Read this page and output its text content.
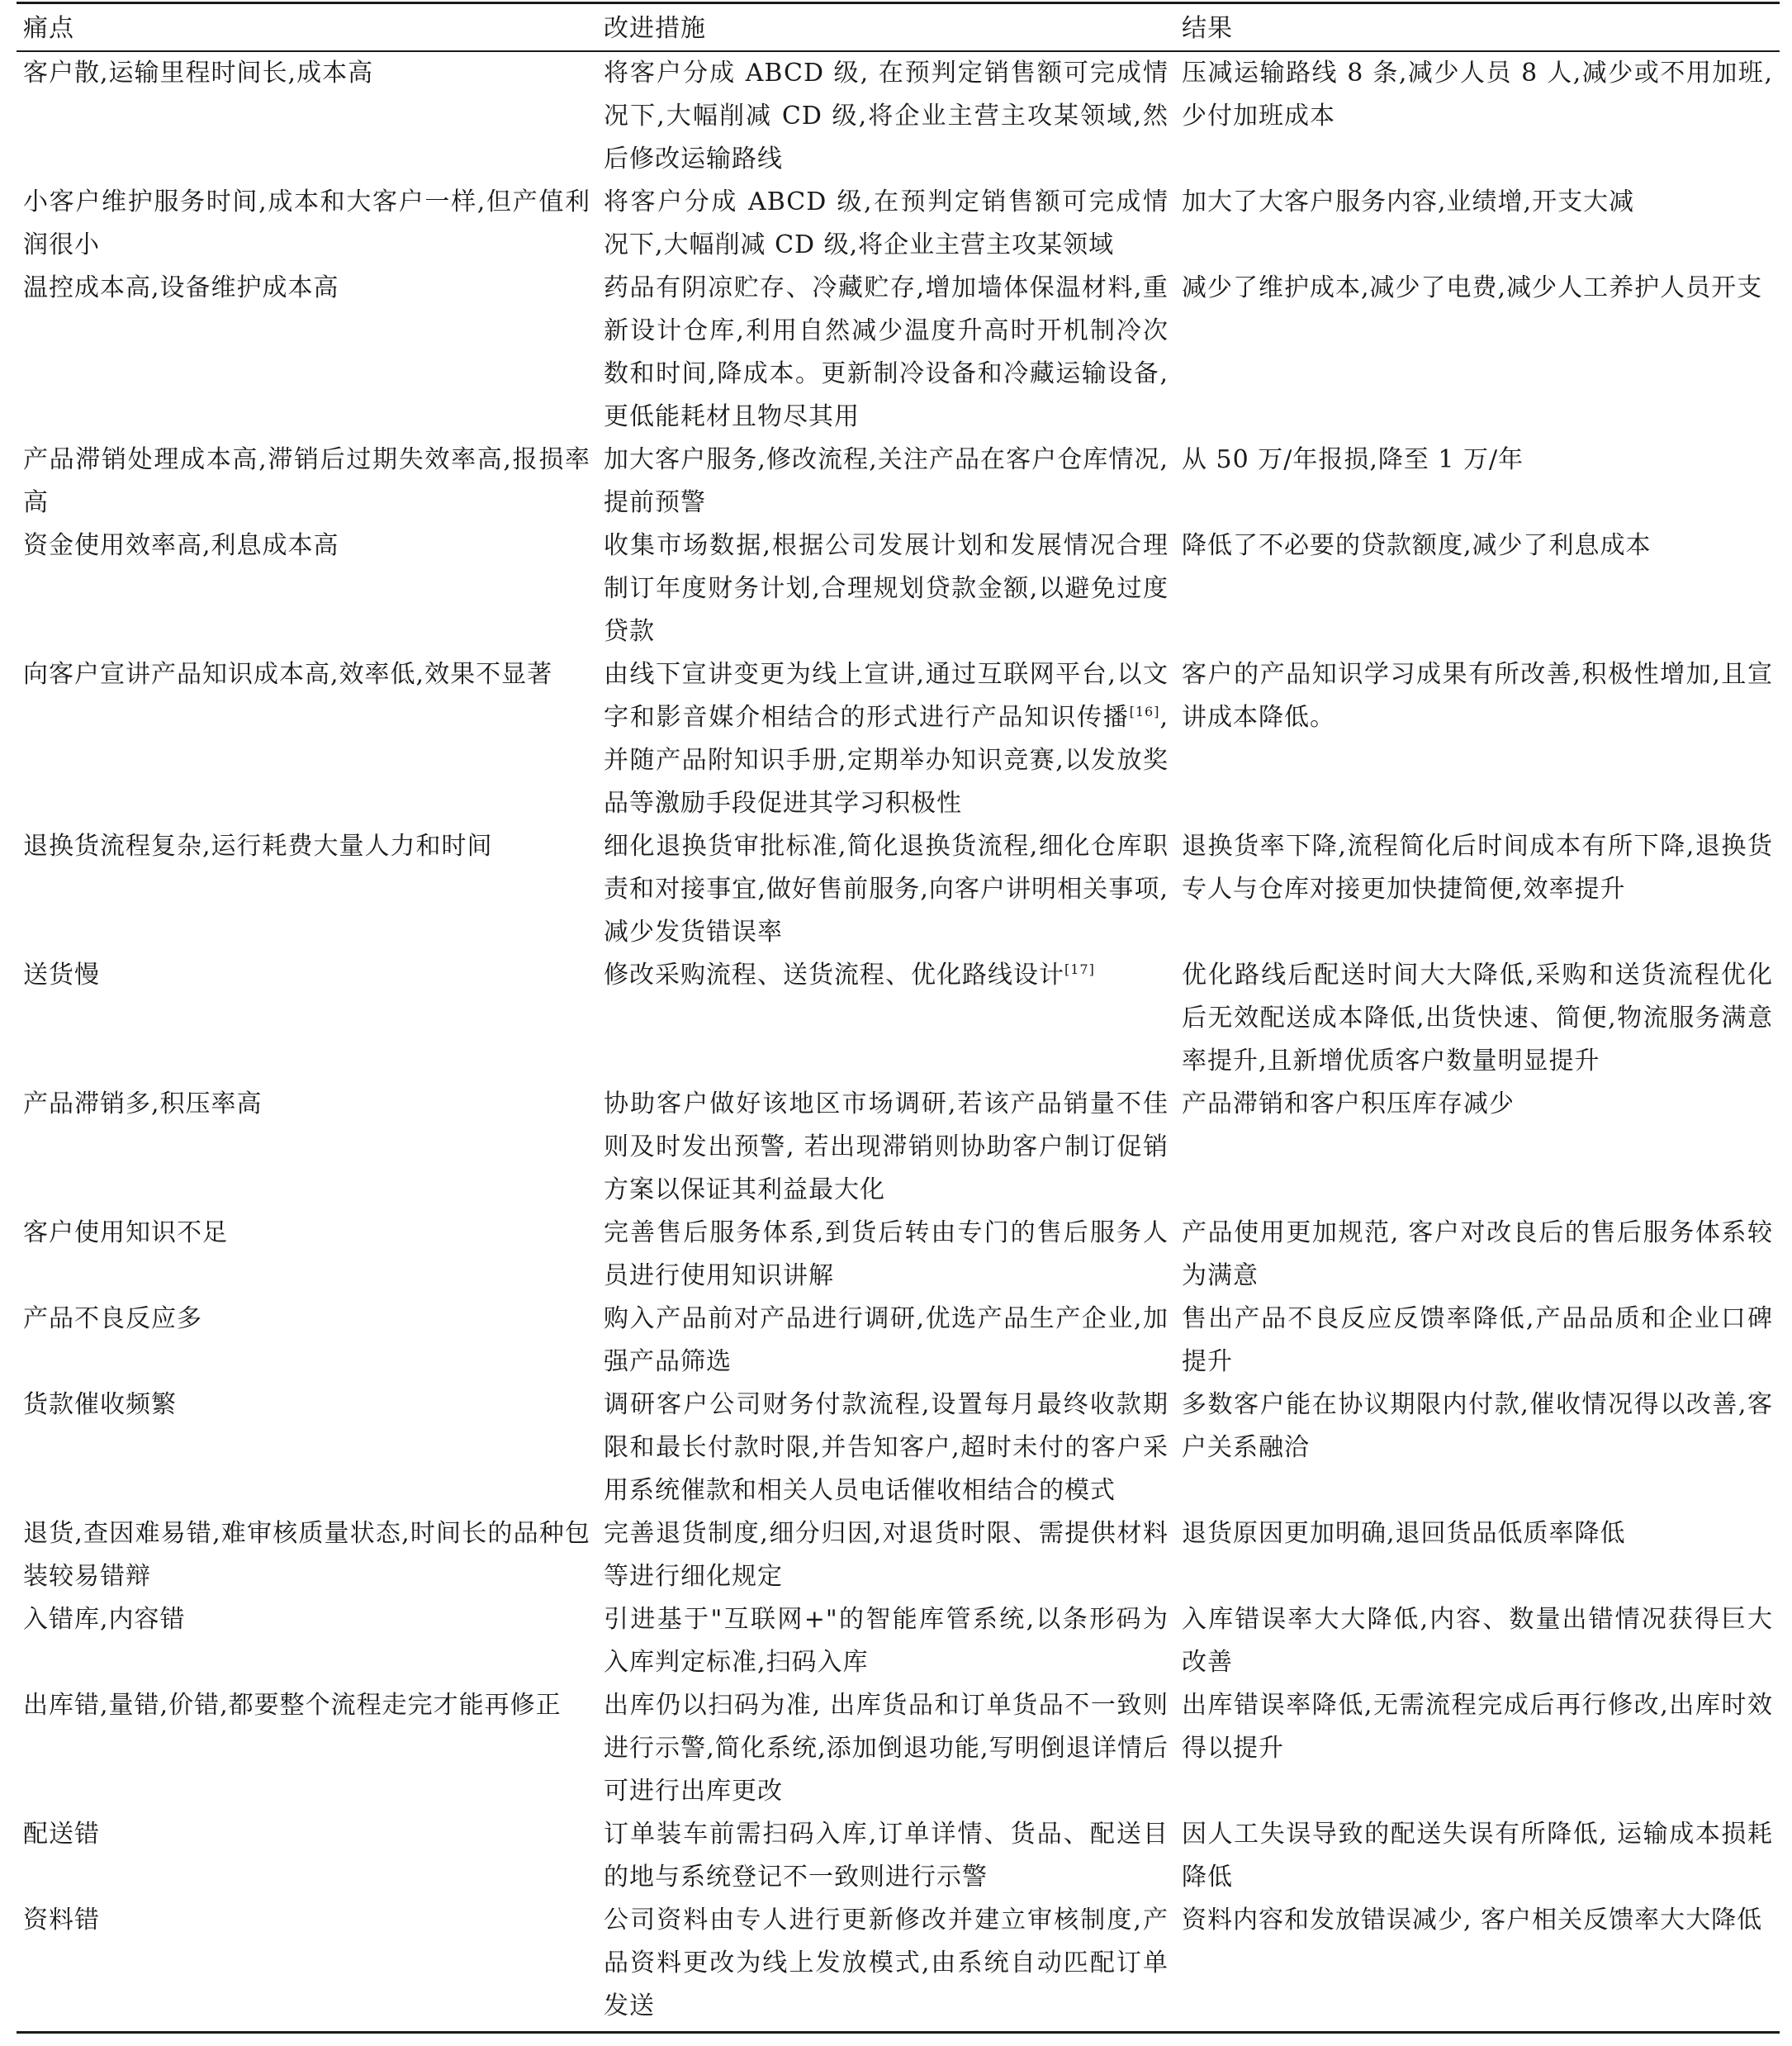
痛点	改进措施	结果
客户散,运输里程时间长,成本高	将客户分成 ABCD 级, 在预判定销售额可完成情况下,大幅削减 CD 级,将企业主营主攻某领域,然后修改运输路线	压减运输路线 8 条,减少人员 8 人,减少或不用加班,少付加班成本
小客户维护服务时间,成本和大客户一样,但产值利润很小	将客户分成 ABCD 级,在预判定销售额可完成情况下,大幅削减 CD 级,将企业主营主攻某领域	加大了大客户服务内容,业绩增,开支大减
温控成本高,设备维护成本高	药品有阴凉贮存、冷藏贮存,增加墙体保温材料,重新设计仓库,利用自然减少温度升高时开机制冷次数和时间,降成本。更新制冷设备和冷藏运输设备,更低能耗材且物尽其用	减少了维护成本,减少了电费,减少人工养护人员开支
产品滞销处理成本高,滞销后过期失效率高,报损率高	加大客户服务,修改流程,关注产品在客户仓库情况,提前预警	从 50 万/年报损,降至 1 万/年
资金使用效率高,利息成本高	收集市场数据,根据公司发展计划和发展情况合理制订年度财务计划,合理规划贷款金额,以避免过度贷款	降低了不必要的贷款额度,减少了利息成本
向客户宣讲产品知识成本高,效率低,效果不显著	由线下宣讲变更为线上宣讲,通过互联网平台,以文字和影音媒介相结合的形式进行产品知识传播[16],并随产品附知识手册,定期举办知识竞赛,以发放奖品等激励手段促进其学习积极性	客户的产品知识学习成果有所改善,积极性增加,且宣讲成本降低。
退换货流程复杂,运行耗费大量人力和时间	细化退换货审批标准,简化退换货流程,细化仓库职责和对接事宜,做好售前服务,向客户讲明相关事项,减少发货错误率	退换货率下降,流程简化后时间成本有所下降,退换货专人与仓库对接更加快捷简便,效率提升
送货慢	修改采购流程、送货流程、优化路线设计[17]	优化路线后配送时间大大降低,采购和送货流程优化后无效配送成本降低,出货快速、简便,物流服务满意率提升,且新增优质客户数量明显提升
产品滞销多,积压率高	协助客户做好该地区市场调研,若该产品销量不佳则及时发出预警, 若出现滞销则协助客户制订促销方案以保证其利益最大化	产品滞销和客户积压库存减少
客户使用知识不足	完善售后服务体系,到货后转由专门的售后服务人员进行使用知识讲解	产品使用更加规范, 客户对改良后的售后服务体系较为满意
产品不良反应多	购入产品前对产品进行调研,优选产品生产企业,加强产品筛选	售出产品不良反应反馈率降低,产品品质和企业口碑提升
货款催收频繁	调研客户公司财务付款流程,设置每月最终收款期限和最长付款时限,并告知客户,超时未付的客户采用系统催款和相关人员电话催收相结合的模式	多数客户能在协议期限内付款,催收情况得以改善,客户关系融洽
退货,查因难易错,难审核质量状态,时间长的品种包装较易错辩	完善退货制度,细分归因,对退货时限、需提供材料等进行细化规定	退货原因更加明确,退回货品低质率降低
入错库,内容错	引进基于"互联网+"的智能库管系统,以条形码为入库判定标准,扫码入库	入库错误率大大降低,内容、数量出错情况获得巨大改善
出库错,量错,价错,都要整个流程走完才能再修正	出库仍以扫码为准, 出库货品和订单货品不一致则进行示警,简化系统,添加倒退功能,写明倒退详情后可进行出库更改	出库错误率降低,无需流程完成后再行修改,出库时效得以提升
配送错	订单装车前需扫码入库,订单详情、货品、配送目的地与系统登记不一致则进行示警	因人工失误导致的配送失误有所降低, 运输成本损耗降低
资料错	公司资料由专人进行更新修改并建立审核制度,产品资料更改为线上发放模式,由系统自动匹配订单发送	资料内容和发放错误减少, 客户相关反馈率大大降低
